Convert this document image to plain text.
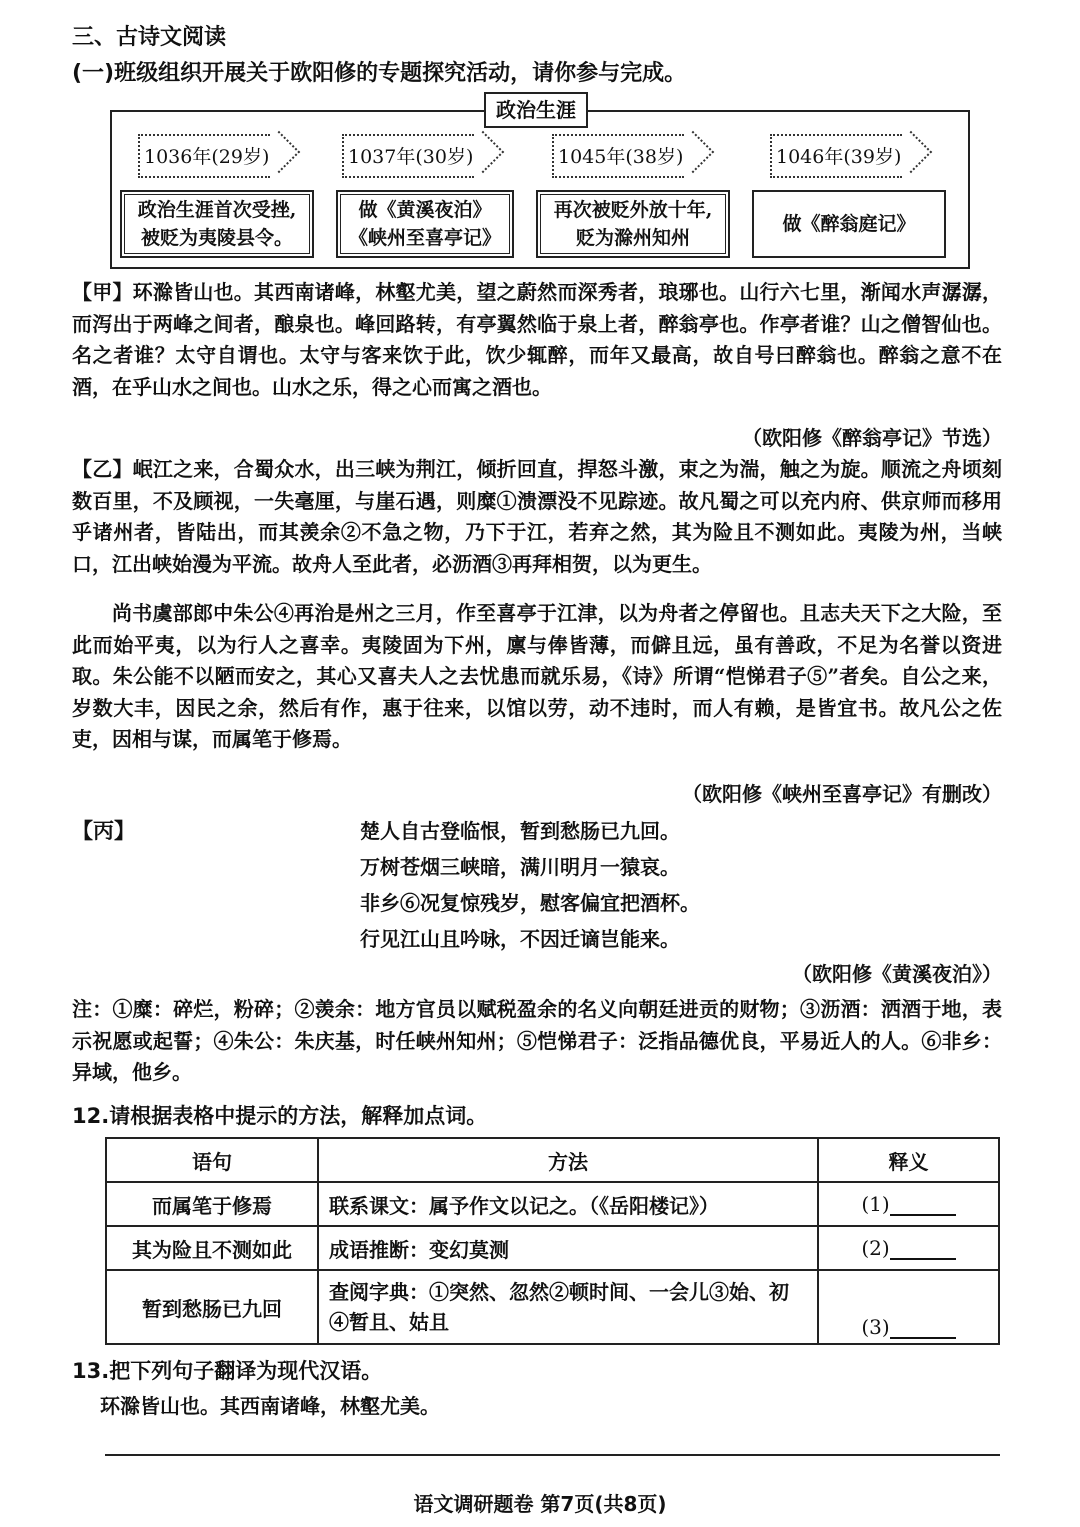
三、古诗文阅读
(一)班级组织开展关于欧阳修的专题探究活动，请你参与完成。
政治生涯
1036年(29岁)	1037年(30岁)	1045年(38岁)	1046年(39岁)
政治生涯首次受挫,
被贬为夷陵县令。
做《黄溪夜泊》
《峡州至喜亭记》
再次被贬外放十年,
贬为滁州知州
做《醉翁庭记》
【甲】环滁皆山也。其西南诸峰，林壑尤美，望之蔚然而深秀者，琅琊也。山行六七里，渐闻水声潺潺，而泻出于两峰之间者，酿泉也。峰回路转，有亭翼然临于泉上者，醉翁亭也。作亭者谁？山之僧智仙也。名之者谁？太守自谓也。太守与客来饮于此，饮少辄醉，而年又最高，故自号曰醉翁也。醉翁之意不在酒，在乎山水之间也。山水之乐，得之心而寓之酒也。
（欧阳修《醉翁亭记》节选）
【乙】岷江之来，合蜀众水，出三峡为荆江，倾折回直，捍怒斗激，束之为湍，触之为旋。顺流之舟顷刻数百里，不及顾视，一失毫厘，与崖石遇，则糜①溃漂没不见踪迹。故凡蜀之可以充内府、供京师而移用乎诸州者，皆陆出，而其羡余②不急之物，乃下于江，若弃之然，其为险且不测如此。夷陵为州，当峡口，江出峡始漫为平流。故舟人至此者，必沥酒③再拜相贺，以为更生。
尚书虞部郎中朱公④再治是州之三月，作至喜亭于江津，以为舟者之停留也。且志夫天下之大险，至此而始平夷，以为行人之喜幸。夷陵固为下州，廪与俸皆薄，而僻且远，虽有善政，不足为名誉以资进取。朱公能不以陋而安之，其心又喜夫人之去忧患而就乐易，《诗》所谓“恺悌君子⑤”者矣。自公之来，岁数大丰，因民之余，然后有作，惠于往来，以馆以劳，动不违时，而人有赖，是皆宜书。故凡公之佐吏，因相与谋，而属笔于修焉。
（欧阳修《峡州至喜亭记》有删改）
【丙】	楚人自古登临恨，暂到愁肠已九回。
万树苍烟三峡暗，满川明月一猿哀。
非乡⑥况复惊残岁，慰客偏宜把酒杯。
行见江山且吟咏，不因迁谪岂能来。
（欧阳修《黄溪夜泊》）
注：①糜：碎烂，粉碎；②羡余：地方官员以赋税盈余的名义向朝廷进贡的财物；③沥酒：洒酒于地，表示祝愿或起誓；④朱公：朱庆基，时任峡州知州；⑤恺悌君子：泛指品德优良，平易近人的人。⑥非乡：异域，他乡。
12.请根据表格中提示的方法，解释加点词。
语句	方法	释义
而属笔于修焉	联系课文：属予作文以记之。（《岳阳楼记》）	(1)
其为险且不测如此	成语推断：变幻莫测	(2)
暂到愁肠已九回	查阅字典：①突然、忽然②顿时间、一会儿③始、初④暂且、姑且	(3)
13.把下列句子翻译为现代汉语。
环滁皆山也。其西南诸峰，林壑尤美。
语文调研题卷 第7页(共8页)
